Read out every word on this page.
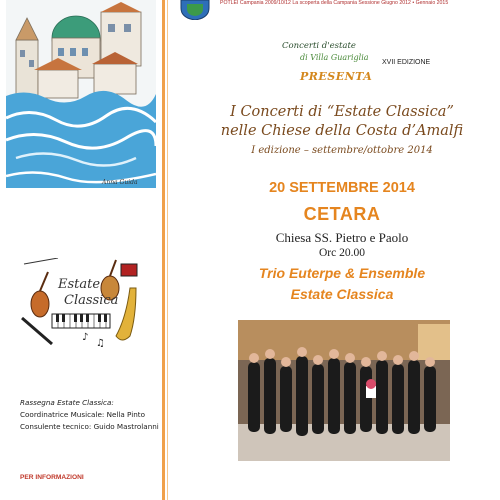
Anna Guida
♪
♫
Estate
Classica
Rassegna Estate Classica:
Coordinatrice Musicale: Nella Pinto
Consulente tecnico: Guido Mastrolanni
PER INFORMAZIONI
POTLEI Campania 2009/10/12 La scoperta della Campania Sessione Giugno 2012 • Gennaio 2015
Concerti d'estate
di Villa Guariglia
PRESENTA
XVII EDIZIONE
I Concerti di “Estate Classica”
nelle Chiese della Costa d’Amalfi
I edizione – settembre/ottobre 2014
20 SETTEMBRE 2014
CETARA
Chiesa SS. Pietro e Paolo
Orc 20.00
Trio Euterpe & Ensemble
Estate Classica
